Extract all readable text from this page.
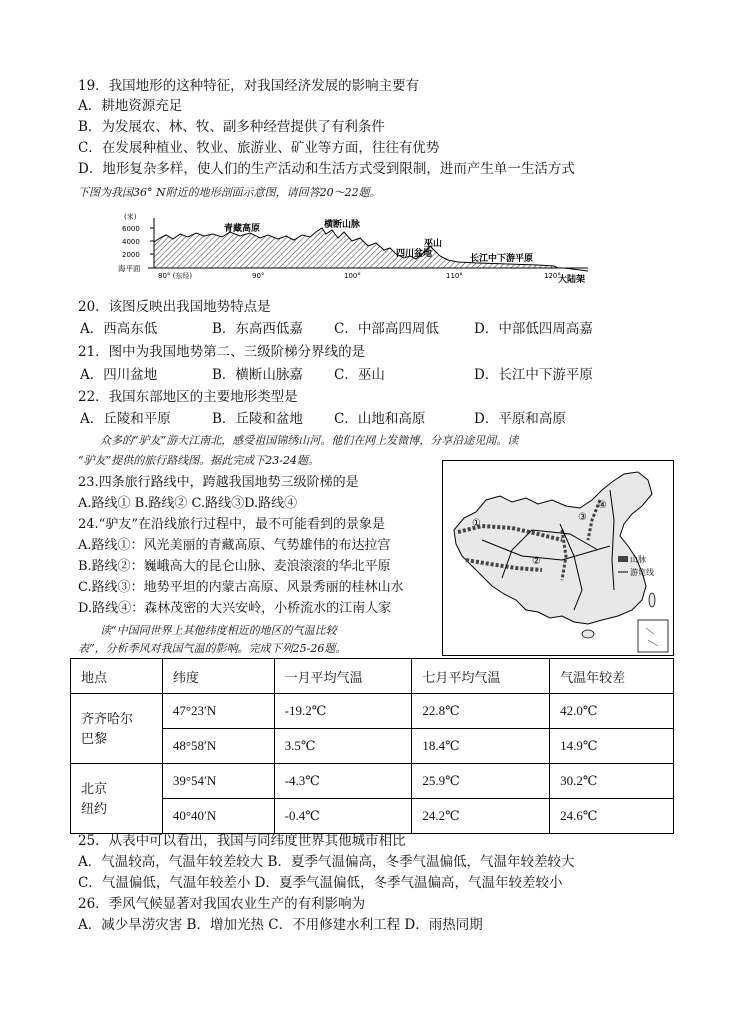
19．我国地形的这种特征，对我国经济发展的影响主要有
A．耕地资源充足
B．为发展农、林、牧、副多种经营提供了有利条件
C．在发展种植业、牧业、旅游业、矿业等方面，往往有优势
D．地形复杂多样，使人们的生产活动和生活方式受到限制，进而产生单一生活方式
下图为我国36° N附近的地形剖面示意图，请回答20～22题。
(米)
6000
4000
2000
海平面
80° (东经)	90°	100°	110°	120°
青藏高原	横断山脉
四川盆地
巫山
长江中下游平原
大陆架
20．该图反映出我国地势特点是
A．西高东低	B．东高西低嘉 C．中部高四周低	D．中部低四周高嘉
21．图中为我国地势第二、三级阶梯分界线的是
A．四川盆地	B．横断山脉嘉 C．巫山	D．长江中下游平原
22．我国东部地区的主要地形类型是
A．丘陵和平原	B．丘陵和盆地 C．山地和高原	D．平原和高原
众多的“驴友”游大江南北，感受祖国锦绣山河。他们在网上发微博，分享沿途见闻。读
“驴友”提供的旅行路线图。据此完成下23-24题。
23.四条旅行路线中，跨越我国地势三级阶梯的是
A.路线① B.路线② C.路线③D.路线④
24.“驴友”在沿线旅行过程中，最不可能看到的景象是
A.路线①：风光美丽的青藏高原、气势雄伟的布达拉宫
B.路线②：巍峨高大的昆仑山脉、麦浪滚滚的华北平原
C.路线③：地势平坦的内蒙古高原、风景秀丽的桂林山水
D.路线④：森林茂密的大兴安岭，小桥流水的江南人家
①
②
③
④
山脉
游览线
读“中国同世界上其他纬度相近的地区的气温比较
表”，分析季风对我国气温的影响。完成下列25-26题。
地点	纬度	一月平均气温	七月平均气温	气温年较差
齐齐哈尔
巴黎	47°23′N	-19.2℃	22.8℃	42.0℃
	48°58′N	3.5℃	18.4℃	14.9℃
北京
纽约	39°54′N	-4.3℃	25.9℃	30.2℃
	40°40′N	-0.4℃	24.2℃	24.6℃
25．从表中可以看出，我国与同纬度世界其他城市相比
A．气温较高，气温年较差较大 B．夏季气温偏高，冬季气温偏低，气温年较差较大
C．气温偏低，气温年较差小 D．夏季气温偏低，冬季气温偏高，气温年较差较小
26．季风气候显著对我国农业生产的有利影响为
A．减少旱涝灾害 B．增加光热 C．不用修建水利工程 D．雨热同期
